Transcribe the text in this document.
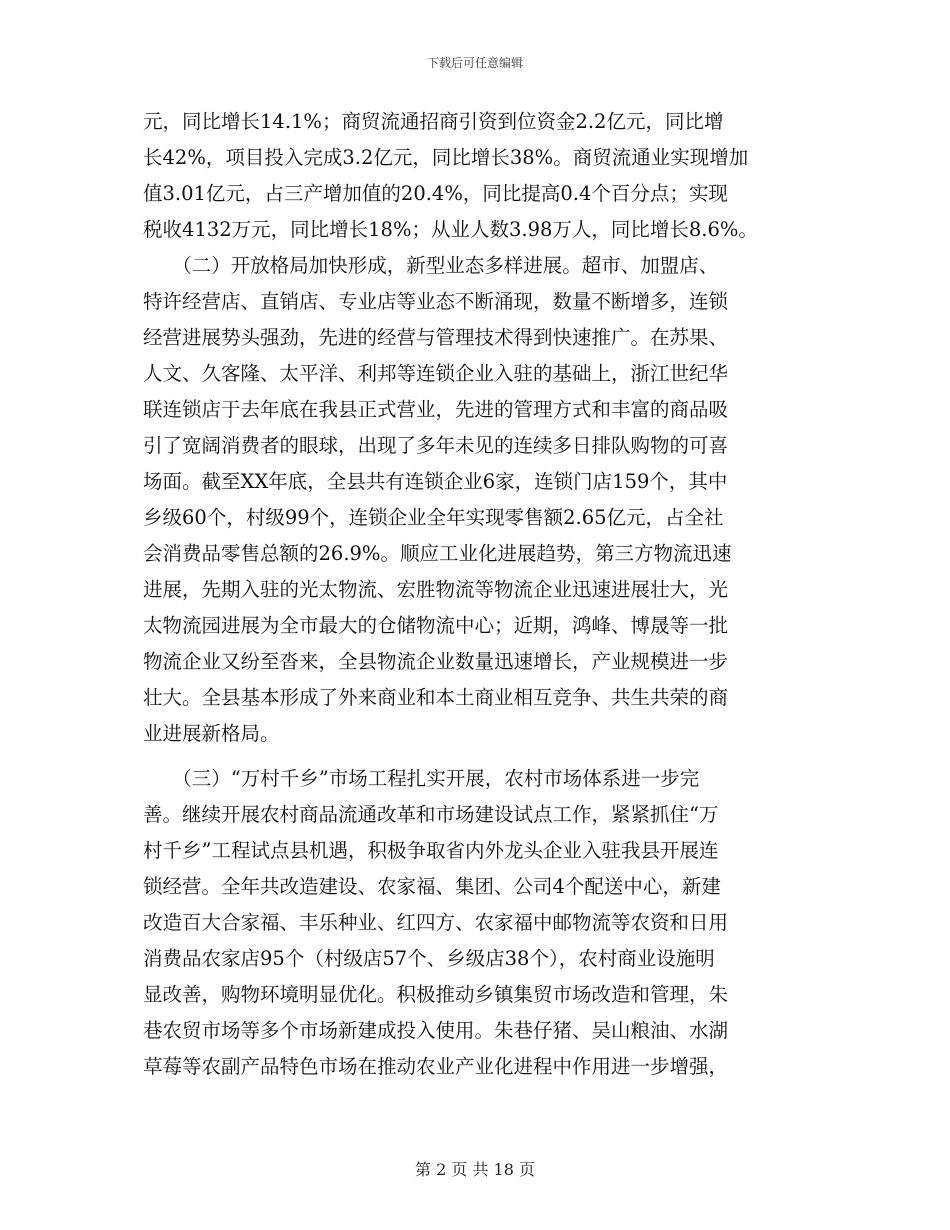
下载后可任意编辑
元，同比增长14.1%；商贸流通招商引资到位资金2.2亿元，同比增
长42%，项目投入完成3.2亿元，同比增长38%。商贸流通业实现增加
值3.01亿元，占三产增加值的20.4%，同比提高0.4个百分点；实现
税收4132万元，同比增长18%；从业人数3.98万人，同比增长8.6%。
　　（二）开放格局加快形成，新型业态多样进展。超市、加盟店、
特许经营店、直销店、专业店等业态不断涌现，数量不断增多，连锁
经营进展势头强劲，先进的经营与管理技术得到快速推广。在苏果、
人文、久客隆、太平洋、利邦等连锁企业入驻的基础上，浙江世纪华
联连锁店于去年底在我县正式营业，先进的管理方式和丰富的商品吸
引了宽阔消费者的眼球，出现了多年未见的连续多日排队购物的可喜
场面。截至XX年底，全县共有连锁企业6家，连锁门店159个，其中
乡级60个，村级99个，连锁企业全年实现零售额2.65亿元，占全社
会消费品零售总额的26.9%。顺应工业化进展趋势，第三方物流迅速
进展，先期入驻的光太物流、宏胜物流等物流企业迅速进展壮大，光
太物流园进展为全市最大的仓储物流中心；近期，鸿峰、博晟等一批
物流企业又纷至沓来，全县物流企业数量迅速增长，产业规模进一步
壮大。全县基本形成了外来商业和本土商业相互竞争、共生共荣的商
业进展新格局。
　　（三）“万村千乡”市场工程扎实开展，农村市场体系进一步完
善。继续开展农村商品流通改革和市场建设试点工作，紧紧抓住“万
村千乡”工程试点县机遇，积极争取省内外龙头企业入驻我县开展连
锁经营。全年共改造建设、农家福、集团、公司4个配送中心，新建
改造百大合家福、丰乐种业、红四方、农家福中邮物流等农资和日用
消费品农家店95个（村级店57个、乡级店38个），农村商业设施明
显改善，购物环境明显优化。积极推动乡镇集贸市场改造和管理，朱
巷农贸市场等多个市场新建成投入使用。朱巷仔猪、吴山粮油、水湖
草莓等农副产品特色市场在推动农业产业化进程中作用进一步增强，
第 2 页 共 18 页
